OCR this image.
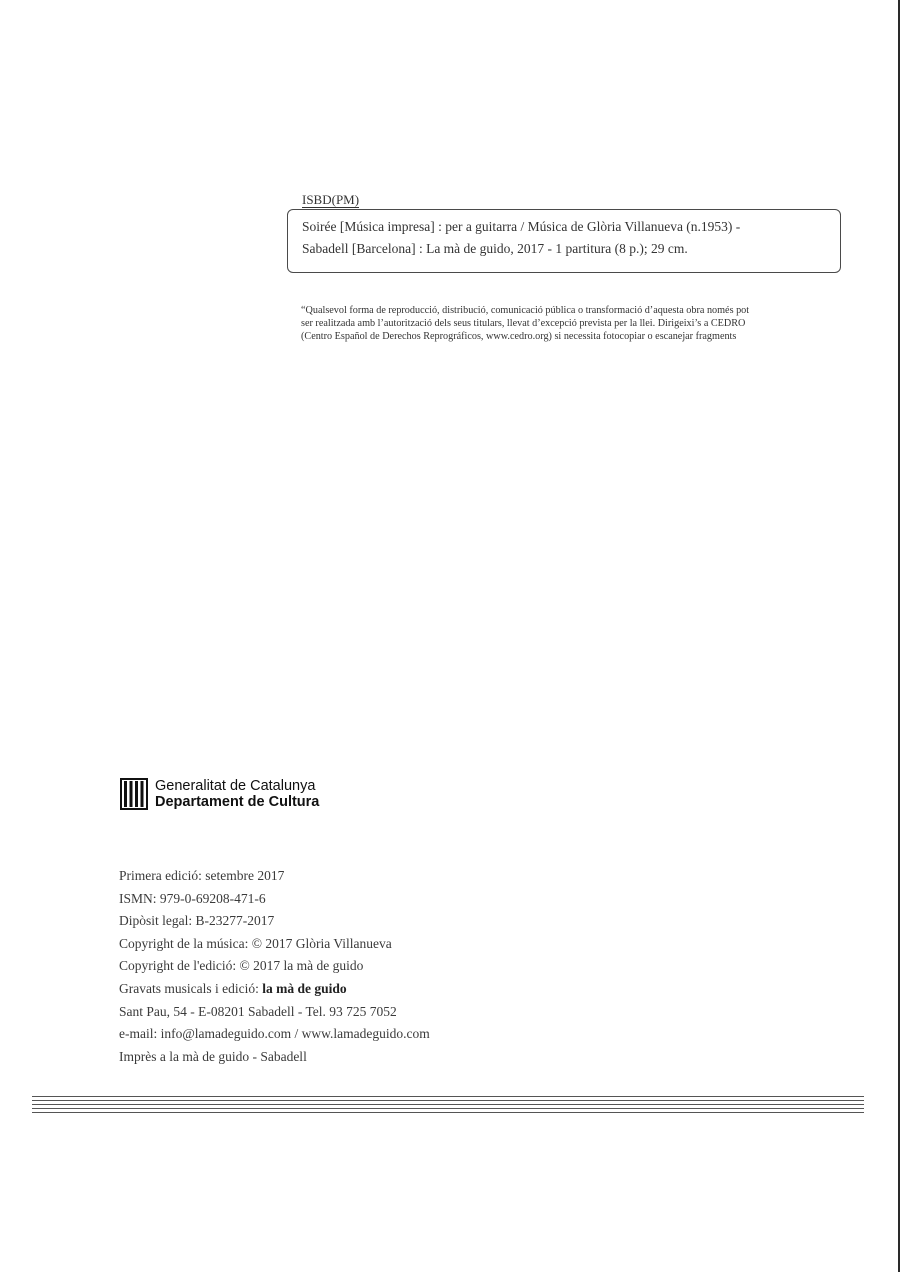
ISBD(PM)
Soirée [Música impresa] : per a guitarra / Música de Glòria Villanueva (n.1953) -
Sabadell [Barcelona] : La mà de guido, 2017 - 1 partitura (8 p.); 29 cm.
“Qualsevol forma de reproducció, distribució, comunicació pública o transformació d’aquesta obra només pot
ser realitzada amb l’autorització dels seus titulars, llevat d’excepció prevista per la llei. Dirigeixi’s a CEDRO
(Centro Español de Derechos Reprográficos, www.cedro.org) si necessita fotocopiar o escanejar fragments
Generalitat de Catalunya
Departament de Cultura
Primera edició: setembre 2017
ISMN: 979-0-69208-471-6
Dipòsit legal: B-23277-2017
Copyright de la música: © 2017 Glòria Villanueva
Copyright de l'edició: © 2017 la mà de guido
Gravats musicals i edició: la mà de guido
Sant Pau, 54 - E-08201 Sabadell - Tel. 93 725 7052
e-mail: info@lamadeguido.com / www.lamadeguido.com
Imprès a la mà de guido - Sabadell
